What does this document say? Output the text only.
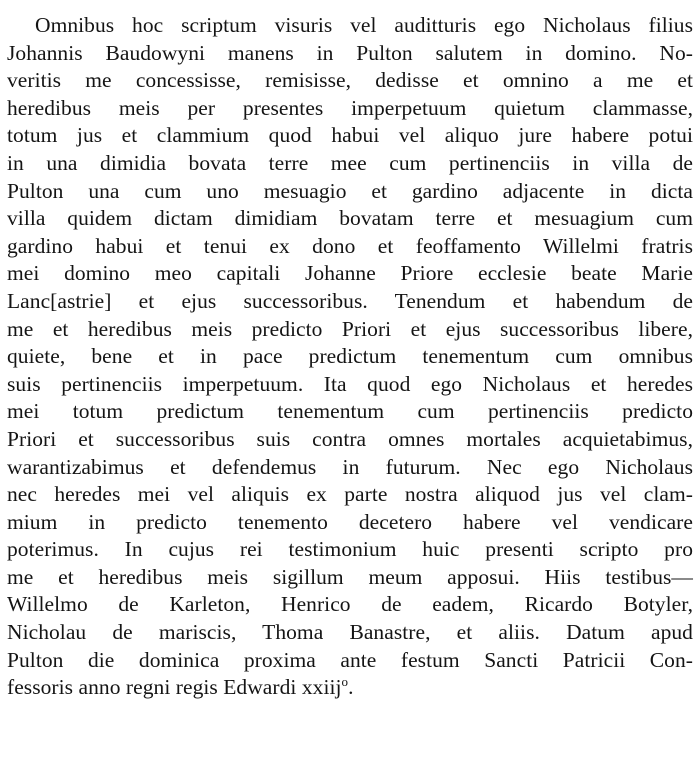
Omnibus hoc scriptum visuris vel auditturis ego Nicholaus filius
Johannis Baudowyni manens in Pulton salutem in domino. No-
veritis me concessisse, remisisse, dedisse et omnino a me et
heredibus meis per presentes imperpetuum quietum clammasse,
totum jus et clammium quod habui vel aliquo jure habere potui
in una dimidia bovata terre mee cum pertinenciis in villa de
Pulton una cum uno mesuagio et gardino adjacente in dicta
villa quidem dictam dimidiam bovatam terre et mesuagium cum
gardino habui et tenui ex dono et feoffamento Willelmi fratris
mei domino meo capitali Johanne Priore ecclesie beate Marie
Lanc[astrie] et ejus successoribus. Tenendum et habendum de
me et heredibus meis predicto Priori et ejus successoribus libere,
quiete, bene et in pace predictum tenementum cum omnibus
suis pertinenciis imperpetuum. Ita quod ego Nicholaus et heredes
mei totum predictum tenementum cum pertinenciis predicto
Priori et successoribus suis contra omnes mortales acquietabimus,
warantizabimus et defendemus in futurum. Nec ego Nicholaus
nec heredes mei vel aliquis ex parte nostra aliquod jus vel clam-
mium in predicto tenemento decetero habere vel vendicare
poterimus. In cujus rei testimonium huic presenti scripto pro
me et heredibus meis sigillum meum apposui. Hiis testibus—
Willelmo de Karleton, Henrico de eadem, Ricardo Botyler,
Nicholau de mariscis, Thoma Banastre, et aliis. Datum apud
Pulton die dominica proxima ante festum Sancti Patricii Con-
fessoris anno regni regis Edwardi xxiij$^o$.
